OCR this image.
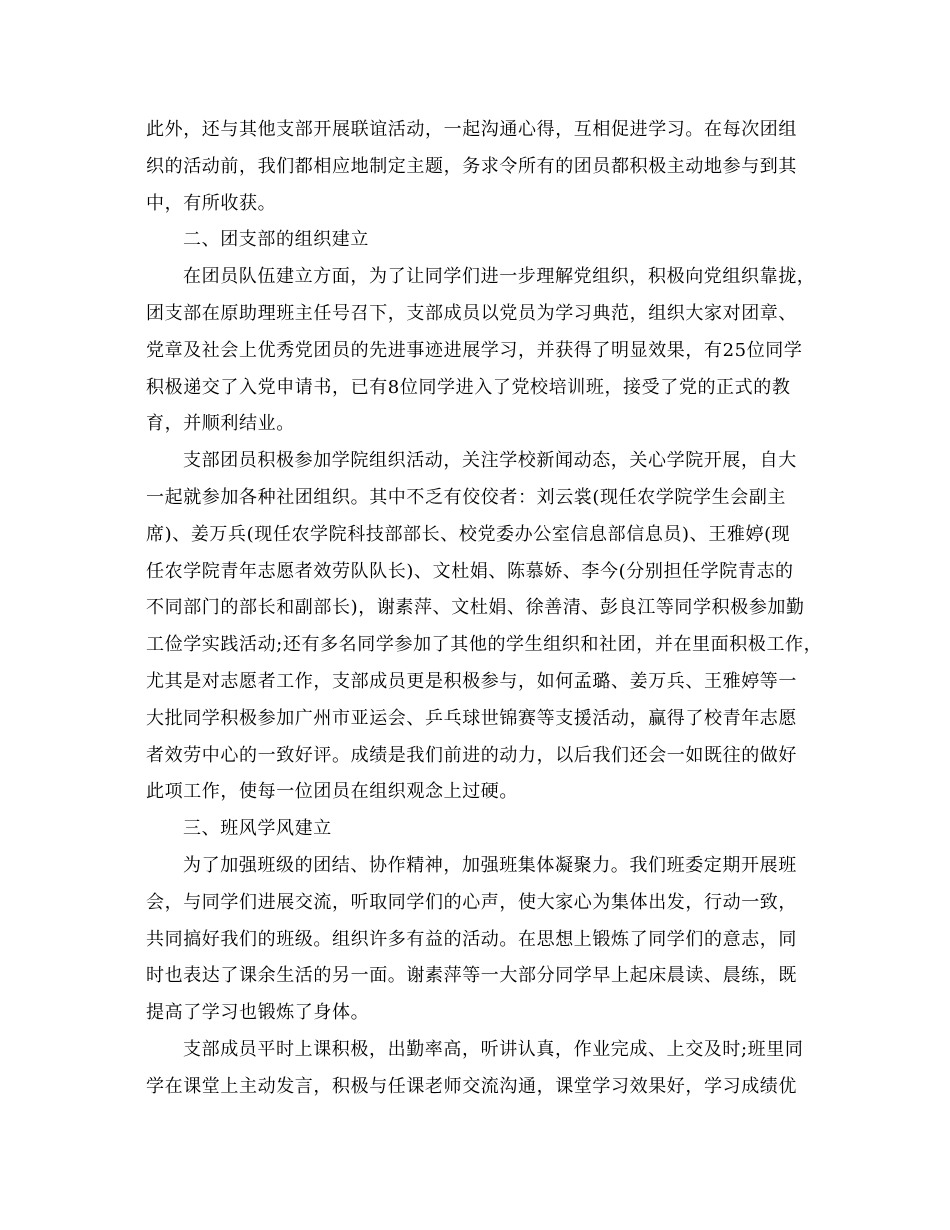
此外，还与其他支部开展联谊活动，一起沟通心得，互相促进学习。在每次团组
织的活动前，我们都相应地制定主题，务求令所有的团员都积极主动地参与到其
中，有所收获。
二、团支部的组织建立
在团员队伍建立方面，为了让同学们进一步理解党组织，积极向党组织靠拢，
团支部在原助理班主任号召下，支部成员以党员为学习典范，组织大家对团章、
党章及社会上优秀党团员的先进事迹进展学习，并获得了明显效果，有25位同学
积极递交了入党申请书，已有8位同学进入了党校培训班，接受了党的正式的教
育，并顺利结业。
支部团员积极参加学院组织活动，关注学校新闻动态，关心学院开展，自大
一起就参加各种社团组织。其中不乏有佼佼者：刘云裳(现任农学院学生会副主
席)、姜万兵(现任农学院科技部部长、校党委办公室信息部信息员)、王雅婷(现
任农学院青年志愿者效劳队队长)、文杜娟、陈慕娇、李今(分别担任学院青志的
不同部门的部长和副部长)，谢素萍、文杜娟、徐善清、彭良江等同学积极参加勤
工俭学实践活动;还有多名同学参加了其他的学生组织和社团，并在里面积极工作，
尤其是对志愿者工作，支部成员更是积极参与，如何孟璐、姜万兵、王雅婷等一
大批同学积极参加广州市亚运会、乒乓球世锦赛等支援活动，赢得了校青年志愿
者效劳中心的一致好评。成绩是我们前进的动力，以后我们还会一如既往的做好
此项工作，使每一位团员在组织观念上过硬。
三、班风学风建立
为了加强班级的团结、协作精神，加强班集体凝聚力。我们班委定期开展班
会，与同学们进展交流，听取同学们的心声，使大家心为集体出发，行动一致，
共同搞好我们的班级。组织许多有益的活动。在思想上锻炼了同学们的意志，同
时也表达了课余生活的另一面。谢素萍等一大部分同学早上起床晨读、晨练，既
提高了学习也锻炼了身体。
支部成员平时上课积极，出勤率高，听讲认真，作业完成、上交及时;班里同
学在课堂上主动发言，积极与任课老师交流沟通，课堂学习效果好，学习成绩优
